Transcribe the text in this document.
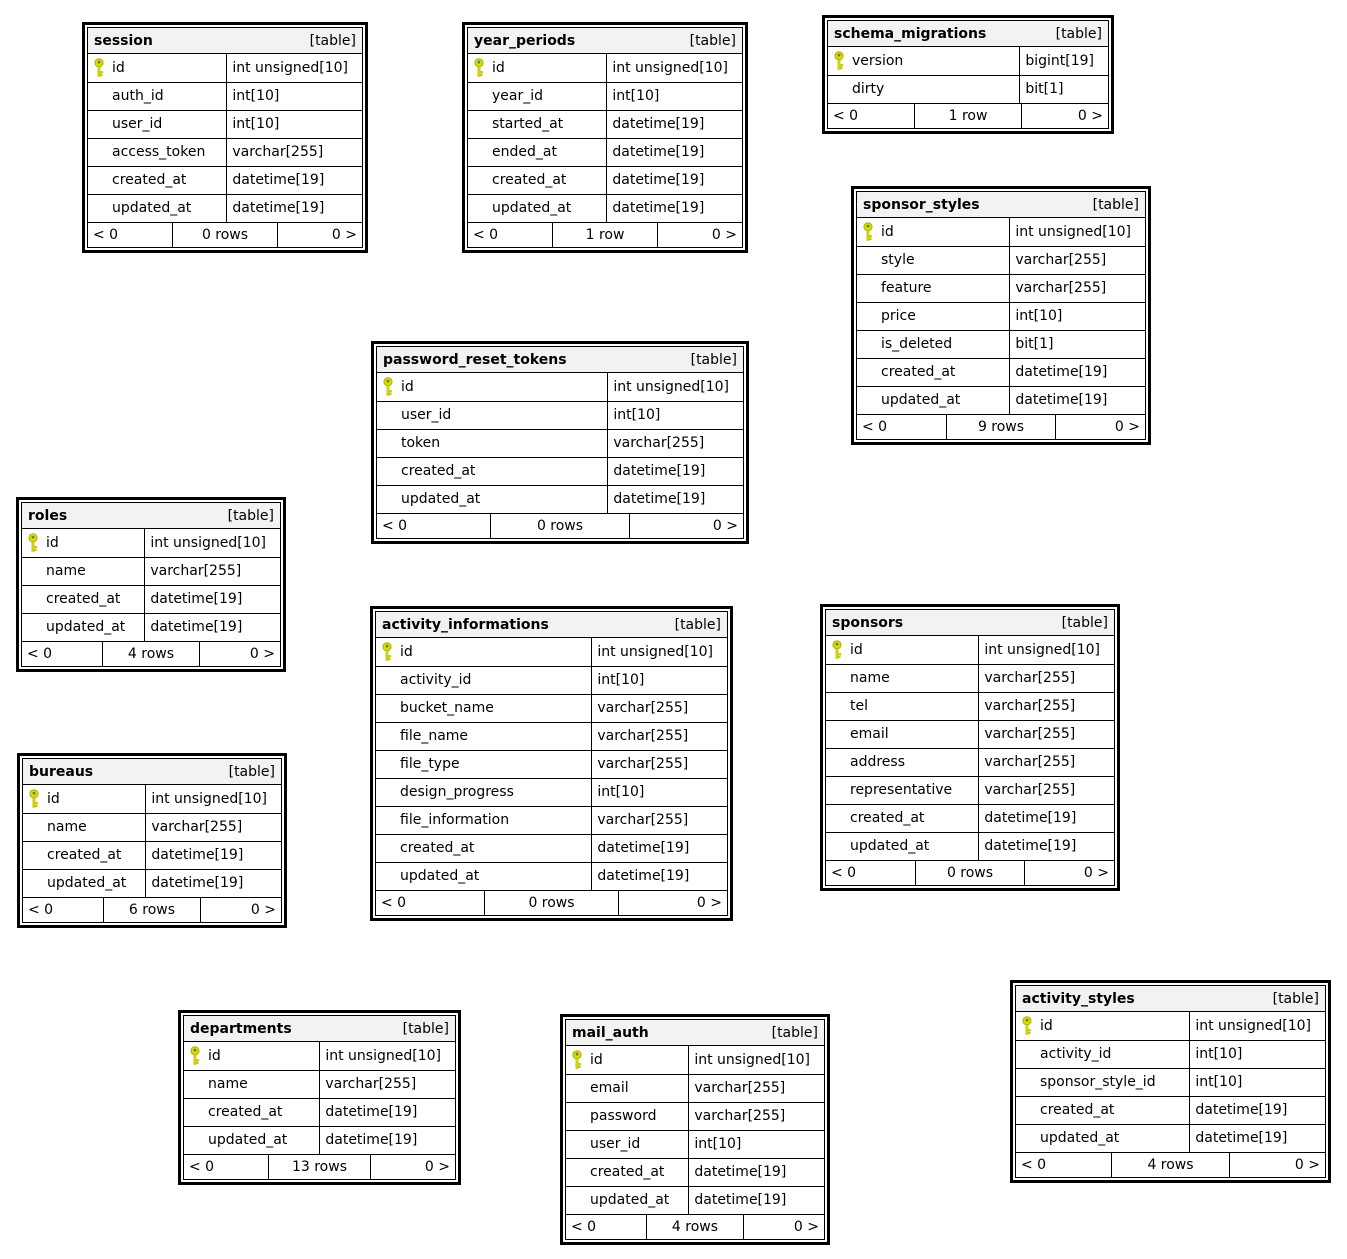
session	[table]
id	int unsigned[10]
auth_id	int[10]
user_id	int[10]
access_token	varchar[255]
created_at	datetime[19]
updated_at	datetime[19]
< 0	0 rows	0 >
year_periods	[table]
id	int unsigned[10]
year_id	int[10]
started_at	datetime[19]
ended_at	datetime[19]
created_at	datetime[19]
updated_at	datetime[19]
< 0	1 row	0 >
schema_migrations	[table]
version	bigint[19]
dirty	bit[1]
< 0	1 row	0 >
sponsor_styles	[table]
id	int unsigned[10]
style	varchar[255]
feature	varchar[255]
price	int[10]
is_deleted	bit[1]
created_at	datetime[19]
updated_at	datetime[19]
< 0	9 rows	0 >
password_reset_tokens	[table]
id	int unsigned[10]
user_id	int[10]
token	varchar[255]
created_at	datetime[19]
updated_at	datetime[19]
< 0	0 rows	0 >
roles	[table]
id	int unsigned[10]
name	varchar[255]
created_at	datetime[19]
updated_at	datetime[19]
< 0	4 rows	0 >
bureaus	[table]
id	int unsigned[10]
name	varchar[255]
created_at	datetime[19]
updated_at	datetime[19]
< 0	6 rows	0 >
activity_informations	[table]
id	int unsigned[10]
activity_id	int[10]
bucket_name	varchar[255]
file_name	varchar[255]
file_type	varchar[255]
design_progress	int[10]
file_information	varchar[255]
created_at	datetime[19]
updated_at	datetime[19]
< 0	0 rows	0 >
sponsors	[table]
id	int unsigned[10]
name	varchar[255]
tel	varchar[255]
email	varchar[255]
address	varchar[255]
representative	varchar[255]
created_at	datetime[19]
updated_at	datetime[19]
< 0	0 rows	0 >
departments	[table]
id	int unsigned[10]
name	varchar[255]
created_at	datetime[19]
updated_at	datetime[19]
< 0	13 rows	0 >
mail_auth	[table]
id	int unsigned[10]
email	varchar[255]
password	varchar[255]
user_id	int[10]
created_at	datetime[19]
updated_at	datetime[19]
< 0	4 rows	0 >
activity_styles	[table]
id	int unsigned[10]
activity_id	int[10]
sponsor_style_id	int[10]
created_at	datetime[19]
updated_at	datetime[19]
< 0	4 rows	0 >
